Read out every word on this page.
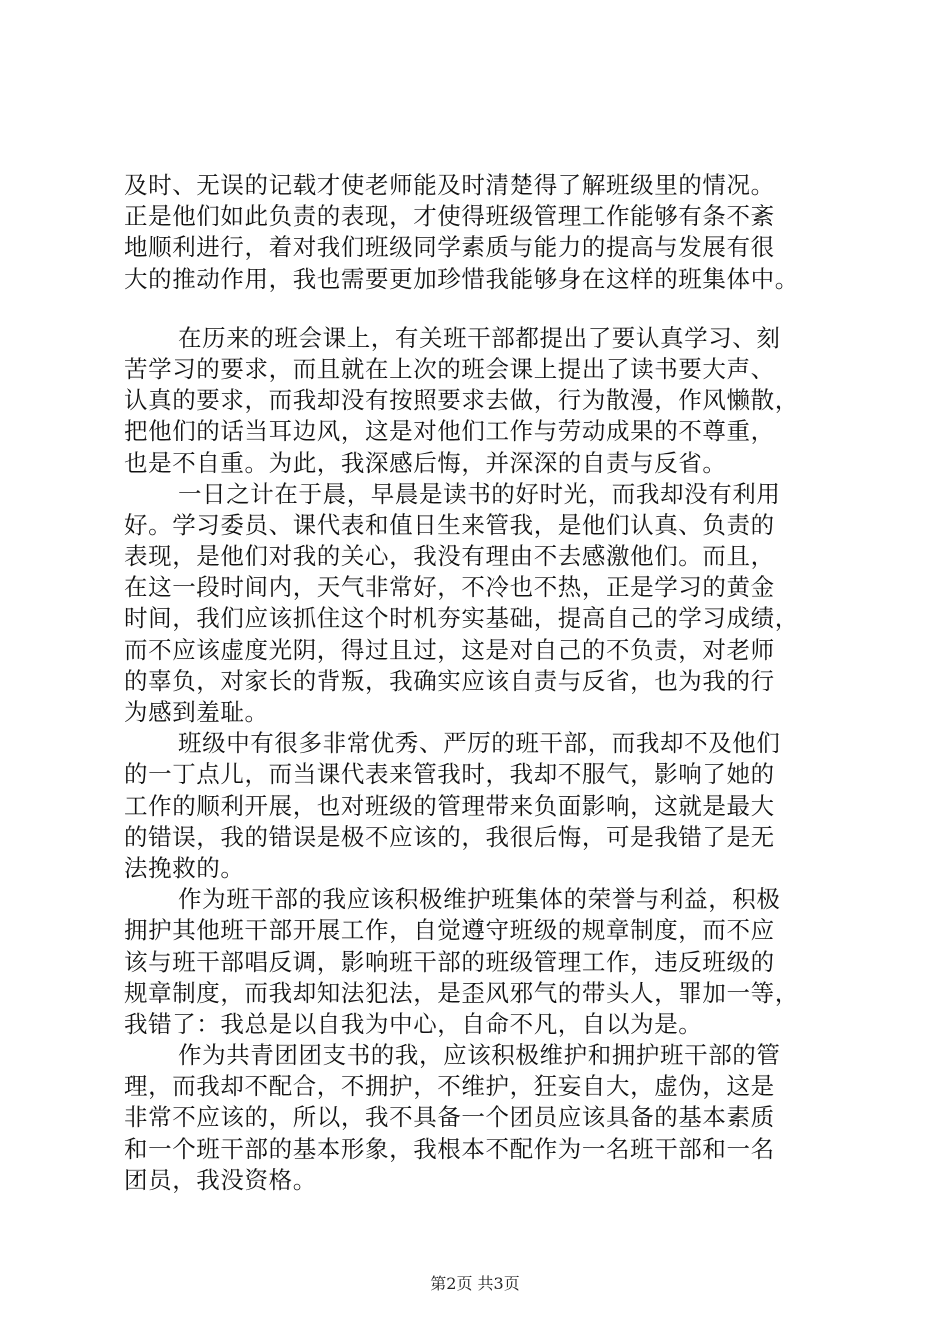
及时、无误的记载才使老师能及时清楚得了解班级里的情况。
正是他们如此负责的表现，才使得班级管理工作能够有条不紊
地顺利进行，着对我们班级同学素质与能力的提高与发展有很
大的推动作用，我也需要更加珍惜我能够身在这样的班集体中。
在历来的班会课上，有关班干部都提出了要认真学习、刻
苦学习的要求，而且就在上次的班会课上提出了读书要大声、
认真的要求，而我却没有按照要求去做，行为散漫，作风懒散，
把他们的话当耳边风，这是对他们工作与劳动成果的不尊重，
也是不自重。为此，我深感后悔，并深深的自责与反省。
一日之计在于晨，早晨是读书的好时光，而我却没有利用
好。学习委员、课代表和值日生来管我，是他们认真、负责的
表现，是他们对我的关心，我没有理由不去感激他们。而且，
在这一段时间内，天气非常好，不冷也不热，正是学习的黄金
时间，我们应该抓住这个时机夯实基础，提高自己的学习成绩，
而不应该虚度光阴，得过且过，这是对自己的不负责，对老师
的辜负，对家长的背叛，我确实应该自责与反省，也为我的行
为感到羞耻。
班级中有很多非常优秀、严厉的班干部，而我却不及他们
的一丁点儿，而当课代表来管我时，我却不服气，影响了她的
工作的顺利开展，也对班级的管理带来负面影响，这就是最大
的错误，我的错误是极不应该的，我很后悔，可是我错了是无
法挽救的。
作为班干部的我应该积极维护班集体的荣誉与利益，积极
拥护其他班干部开展工作，自觉遵守班级的规章制度，而不应
该与班干部唱反调，影响班干部的班级管理工作，违反班级的
规章制度，而我却知法犯法，是歪风邪气的带头人，罪加一等，
我错了：我总是以自我为中心，自命不凡，自以为是。
作为共青团团支书的我，应该积极维护和拥护班干部的管
理，而我却不配合，不拥护，不维护，狂妄自大，虚伪，这是
非常不应该的，所以，我不具备一个团员应该具备的基本素质
和一个班干部的基本形象，我根本不配作为一名班干部和一名
团员，我没资格。
第2页 共3页
